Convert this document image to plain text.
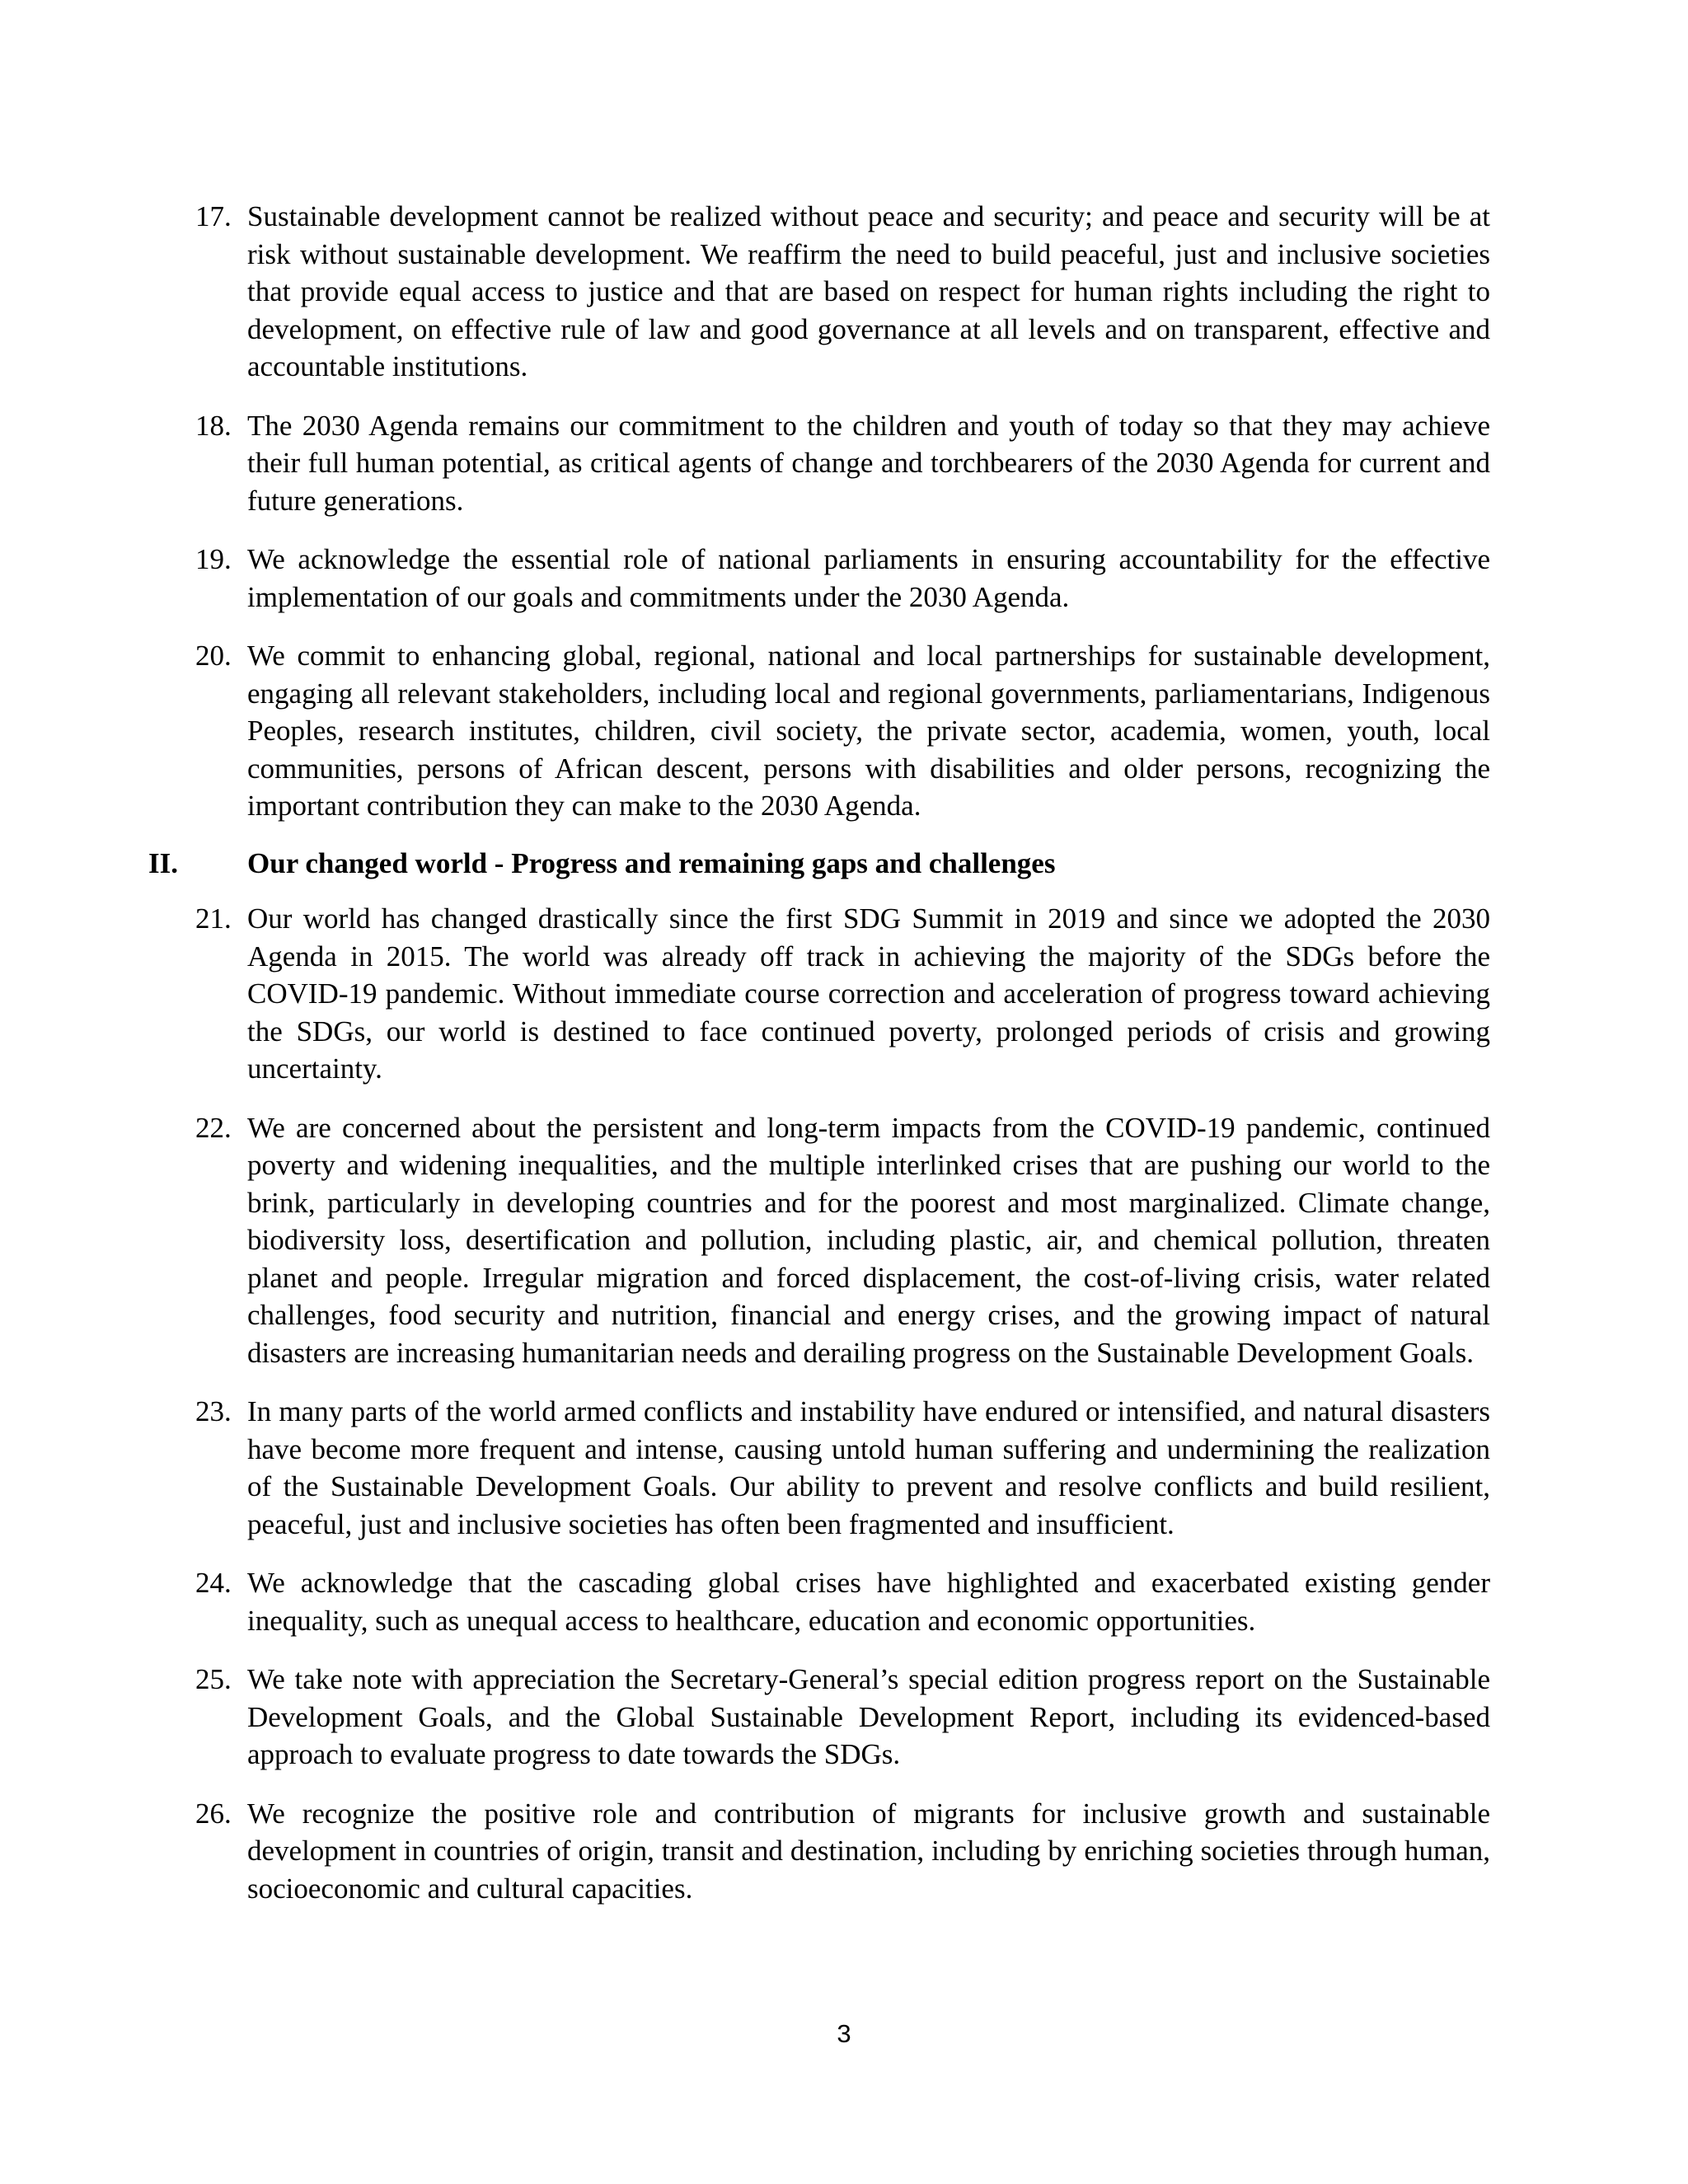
17. Sustainable development cannot be realized without peace and security; and peace and security will be at risk without sustainable development. We reaffirm the need to build peaceful, just and inclusive societies that provide equal access to justice and that are based on respect for human rights including the right to development, on effective rule of law and good governance at all levels and on transparent, effective and accountable institutions.
18. The 2030 Agenda remains our commitment to the children and youth of today so that they may achieve their full human potential, as critical agents of change and torchbearers of the 2030 Agenda for current and future generations.
19. We acknowledge the essential role of national parliaments in ensuring accountability for the effective implementation of our goals and commitments under the 2030 Agenda.
20. We commit to enhancing global, regional, national and local partnerships for sustainable development, engaging all relevant stakeholders, including local and regional governments, parliamentarians, Indigenous Peoples, research institutes, children, civil society, the private sector, academia, women, youth, local communities, persons of African descent, persons with disabilities and older persons, recognizing the important contribution they can make to the 2030 Agenda.
II. Our changed world - Progress and remaining gaps and challenges
21. Our world has changed drastically since the first SDG Summit in 2019 and since we adopted the 2030 Agenda in 2015. The world was already off track in achieving the majority of the SDGs before the COVID-19 pandemic. Without immediate course correction and acceleration of progress toward achieving the SDGs, our world is destined to face continued poverty, prolonged periods of crisis and growing uncertainty.
22. We are concerned about the persistent and long-term impacts from the COVID-19 pandemic, continued poverty and widening inequalities, and the multiple interlinked crises that are pushing our world to the brink, particularly in developing countries and for the poorest and most marginalized. Climate change, biodiversity loss, desertification and pollution, including plastic, air, and chemical pollution, threaten planet and people. Irregular migration and forced displacement, the cost-of-living crisis, water related challenges, food security and nutrition, financial and energy crises, and the growing impact of natural disasters are increasing humanitarian needs and derailing progress on the Sustainable Development Goals.
23. In many parts of the world armed conflicts and instability have endured or intensified, and natural disasters have become more frequent and intense, causing untold human suffering and undermining the realization of the Sustainable Development Goals. Our ability to prevent and resolve conflicts and build resilient, peaceful, just and inclusive societies has often been fragmented and insufficient.
24. We acknowledge that the cascading global crises have highlighted and exacerbated existing gender inequality, such as unequal access to healthcare, education and economic opportunities.
25. We take note with appreciation the Secretary-General’s special edition progress report on the Sustainable Development Goals, and the Global Sustainable Development Report, including its evidenced-based approach to evaluate progress to date towards the SDGs.
26. We recognize the positive role and contribution of migrants for inclusive growth and sustainable development in countries of origin, transit and destination, including by enriching societies through human, socioeconomic and cultural capacities.
3
